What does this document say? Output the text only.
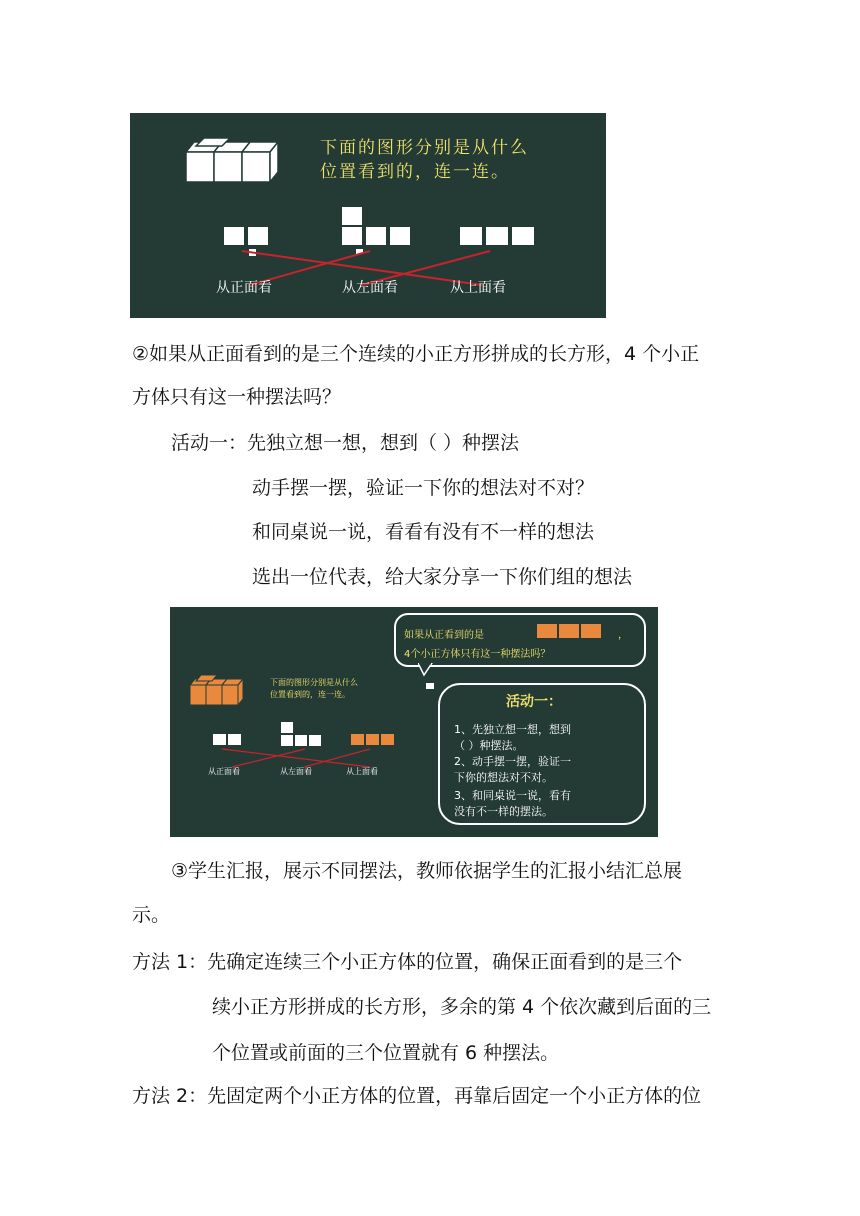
下面的图形分别是从什么
位置看到的，连一连。
从正面看	从左面看	从上面看
②如果从正面看到的是三个连续的小正方形拼成的长方形，4 个小正
方体只有这一种摆法吗？
活动一：先独立想一想，想到（ ）种摆法
动手摆一摆，验证一下你的想法对不对？
和同桌说一说，看看有没有不一样的想法
选出一位代表，给大家分享一下你们组的想法
下面的图形分别是从什么
位置看到的，连一连。
从正面看	从左面看	从上面看
如果从正看到的是	，
4个小正方体只有这一种摆法吗？
活动一：
1、先独立想一想，想到
（ ）种摆法。
2、动手摆一摆，验证一
下你的想法对不对。
3、和同桌说一说，看有
没有不一样的摆法。
③学生汇报，展示不同摆法，教师依据学生的汇报小结汇总展
示。
方法 1：先确定连续三个小正方体的位置，确保正面看到的是三个
续小正方形拼成的长方形，多余的第 4 个依次藏到后面的三
个位置或前面的三个位置就有 6 种摆法。
方法 2：先固定两个小正方体的位置，再靠后固定一个小正方体的位
